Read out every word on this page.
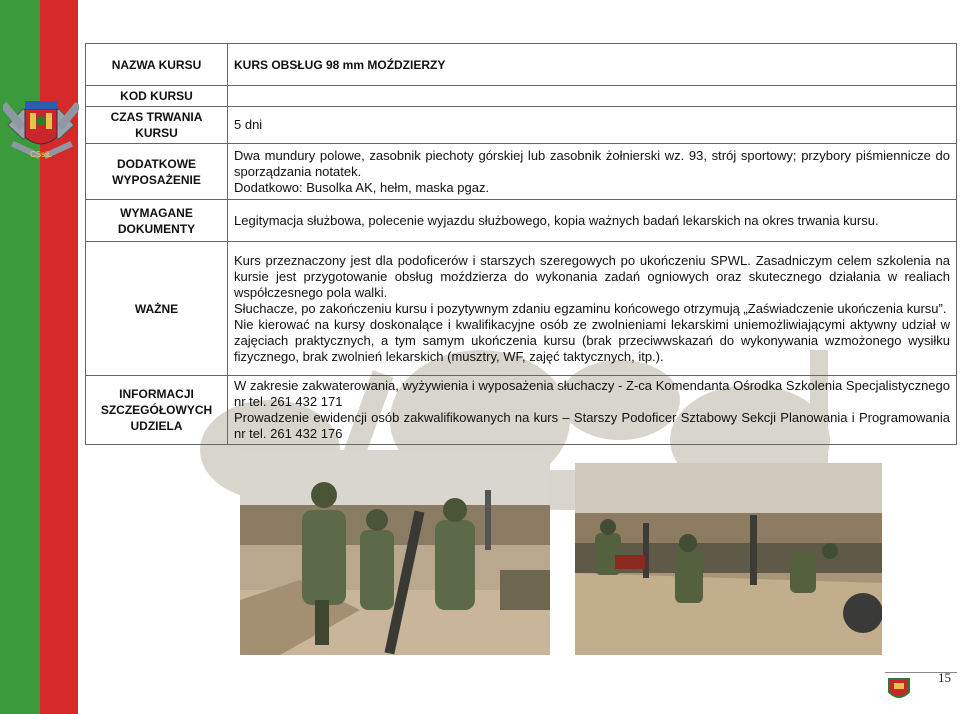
CSsiŁ
NAZWA KURSU	KURS OBSŁUG 98 mm MOŹDZIERZY
KOD KURSU	
CZAS TRWANIA KURSU	5 dni
DODATKOWE WYPOSAŻENIE	Dwa mundury polowe, zasobnik piechoty górskiej lub zasobnik żołnierski wz. 93, strój sportowy; przybory piśmiennicze do sporządzania notatek.
Dodatkowo: Busolka AK, hełm, maska pgaz.

WYMAGANE DOKUMENTY	Legitymacja służbowa, polecenie wyjazdu służbowego, kopia ważnych badań lekarskich na okres trwania kursu.
WAŻNE	Kurs przeznaczony jest dla podoficerów i starszych szeregowych po ukończeniu SPWL. Zasadniczym celem szkolenia na kursie jest przygotowanie obsług moździerza do wykonania zadań ogniowych oraz skutecznego działania w realiach współczesnego pola walki.
Słuchacze, po zakończeniu kursu i pozytywnym zdaniu egzaminu końcowego otrzymują „Zaświadczenie ukończenia kursu”.
Nie kierować na kursy doskonalące i kwalifikacyjne osób ze zwolnieniami lekarskimi uniemożliwiającymi aktywny udział w zajęciach praktycznych, a tym samym ukończenia kursu (brak przeciwwskazań do wykonywania wzmożonego wysiłku fizycznego, brak zwolnień lekarskich (musztry, WF, zajęć taktycznych, itp.).

INFORMACJI SZCZEGÓŁOWYCH UDZIELA	W zakresie zakwaterowania, wyżywienia i wyposażenia słuchaczy - Z-ca Komendanta Ośrodka Szkolenia Specjalistycznego nr tel. 261 432 171
Prowadzenie ewidencji osób zakwalifikowanych na kurs – Starszy Podoficer Sztabowy Sekcji Planowania i Programowania nr tel. 261 432 176
15
